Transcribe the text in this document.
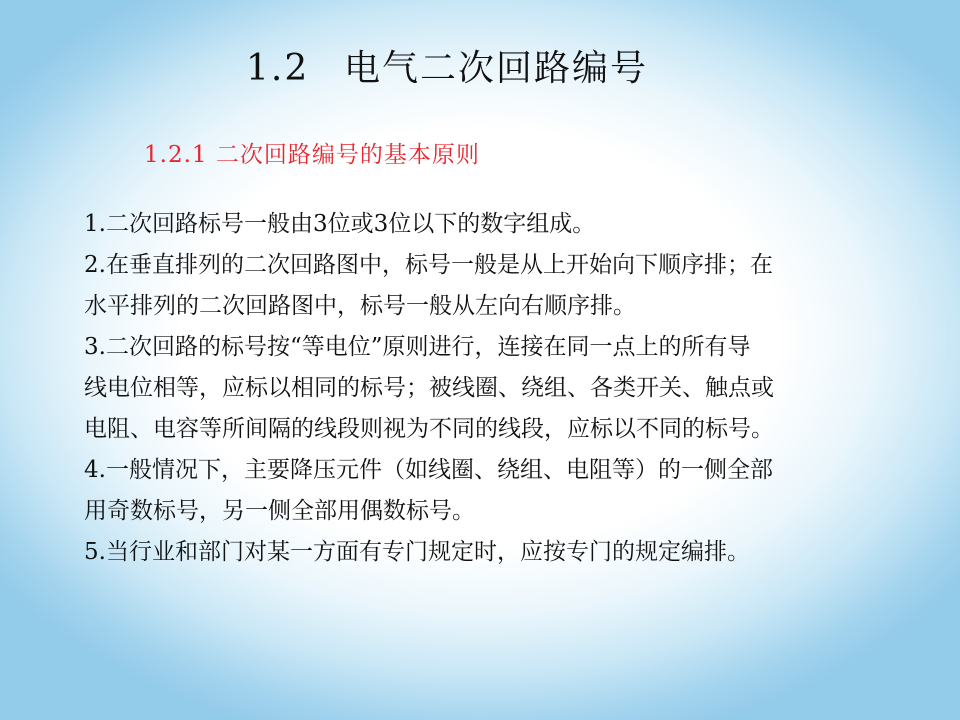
1.2 电气二次回路编号
1.2.1 二次回路编号的基本原则
1.二次回路标号一般由3位或3位以下的数字组成。
2.在垂直排列的二次回路图中，标号一般是从上开始向下顺序排；在
水平排列的二次回路图中，标号一般从左向右顺序排。
3.二次回路的标号按“等电位”原则进行，连接在同一点上的所有导
线电位相等，应标以相同的标号；被线圈、绕组、各类开关、触点或
电阻、电容等所间隔的线段则视为不同的线段，应标以不同的标号。
4.一般情况下，主要降压元件（如线圈、绕组、电阻等）的一侧全部
用奇数标号，另一侧全部用偶数标号。
5.当行业和部门对某一方面有专门规定时，应按专门的规定编排。
